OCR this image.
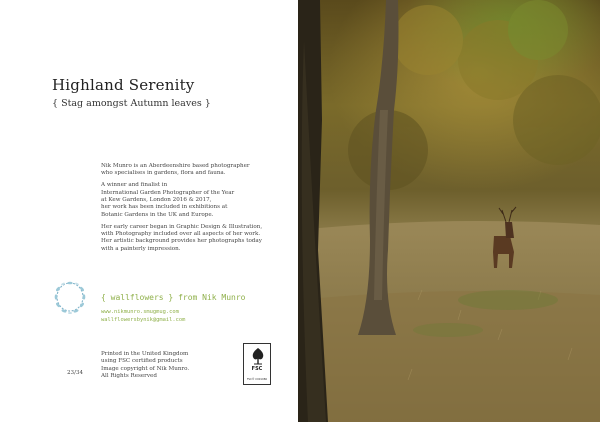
Highland Serenity
{ Stag amongst Autumn leaves }

Nik Munro is an Aberdeenshire based photographer
who specialises in gardens, flora and fauna.

A winner and finalist in
International Garden Photographer of the Year
at Kew Gardens, London 2016 & 2017,
her work has been included in exhibitions at
Botanic Gardens in the UK and Europe.

Her early career began in Graphic Design & Illustration,
with Photography included over all aspects of her work.
Her artistic background provides her photographs today
with a painterly impression.

{ wallflowers } from Nik Munro
www.nikmunro.smugmug.com
wallflowersbynik@gmail.com
23/34
Printed in the United Kingdom
using FSC certified products
Image copyright of Nik Munro.
All Rights Reserved
FSC
FSC® C001986
